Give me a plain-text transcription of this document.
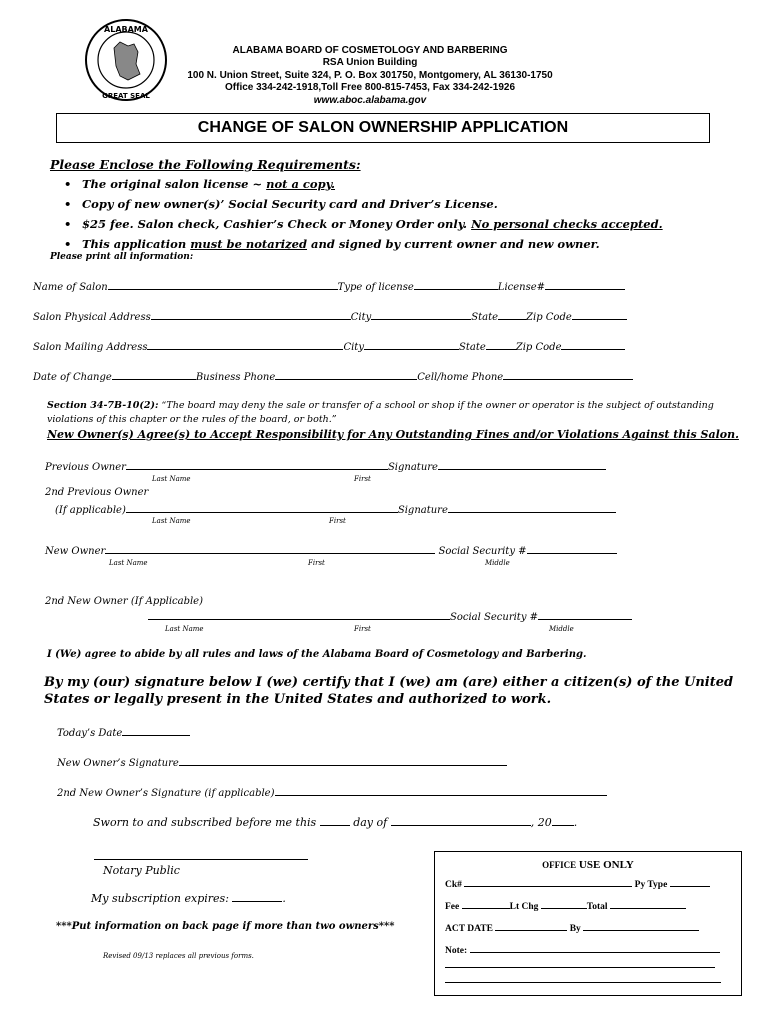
ALABAMA
GREAT SEAL
ALABAMA BOARD OF COSMETOLOGY AND BARBERING
RSA Union Building
100 N. Union Street, Suite 324, P. O. Box 301750, Montgomery, AL 36130-1750
Office 334-242-1918,Toll Free 800-815-7453, Fax 334-242-1926
www.aboc.alabama.gov
CHANGE OF SALON OWNERSHIP APPLICATION
Please Enclose the Following Requirements:
• The original salon license ~ not a copy.
• Copy of new owner(s)’ Social Security card and Driver’s License.
• $25 fee. Salon check, Cashier’s Check or Money Order only. No personal checks accepted.
• This application must be notarized and signed by current owner and new owner.
Please print all information:
Name of Salon	Type of license	License#
Salon Physical Address	City	State	Zip Code
Salon Mailing Address	City	State	Zip Code
Date of Change	Business Phone	Cell/home Phone
Section 34-7B-10(2): “The board may deny the sale or transfer of a school or shop if the owner or operator is the subject of outstanding violations of this chapter or the rules of the board, or both.”
New Owner(s) Agree(s) to Accept Responsibility for Any Outstanding Fines and/or Violations Against this Salon.
Previous Owner	Signature
Last Name	First
2nd Previous Owner
(If applicable)	Signature
Last Name	First
New Owner	Social Security #
Last Name	First	Middle
2nd New Owner (If Applicable)
Social Security #
Last Name	First	Middle
I (We) agree to abide by all rules and laws of the Alabama Board of Cosmetology and Barbering.
By my (our) signature below I (we) certify that I (we) am (are) either a citizen(s) of the United States or legally present in the United States and authorized to work.
Today’s Date
New Owner’s Signature
2nd New Owner’s Signature (if applicable)
Sworn to and subscribed before me this	day of	, 20 .
Notary Public
My subscription expires:	.
***Put information on back page if more than two owners***
Revised 09/13 replaces all previous forms.
OFFICE USE ONLY
Ck#	Py Type
Fee	Lt Chg	Total
ACT DATE	By
Note:
